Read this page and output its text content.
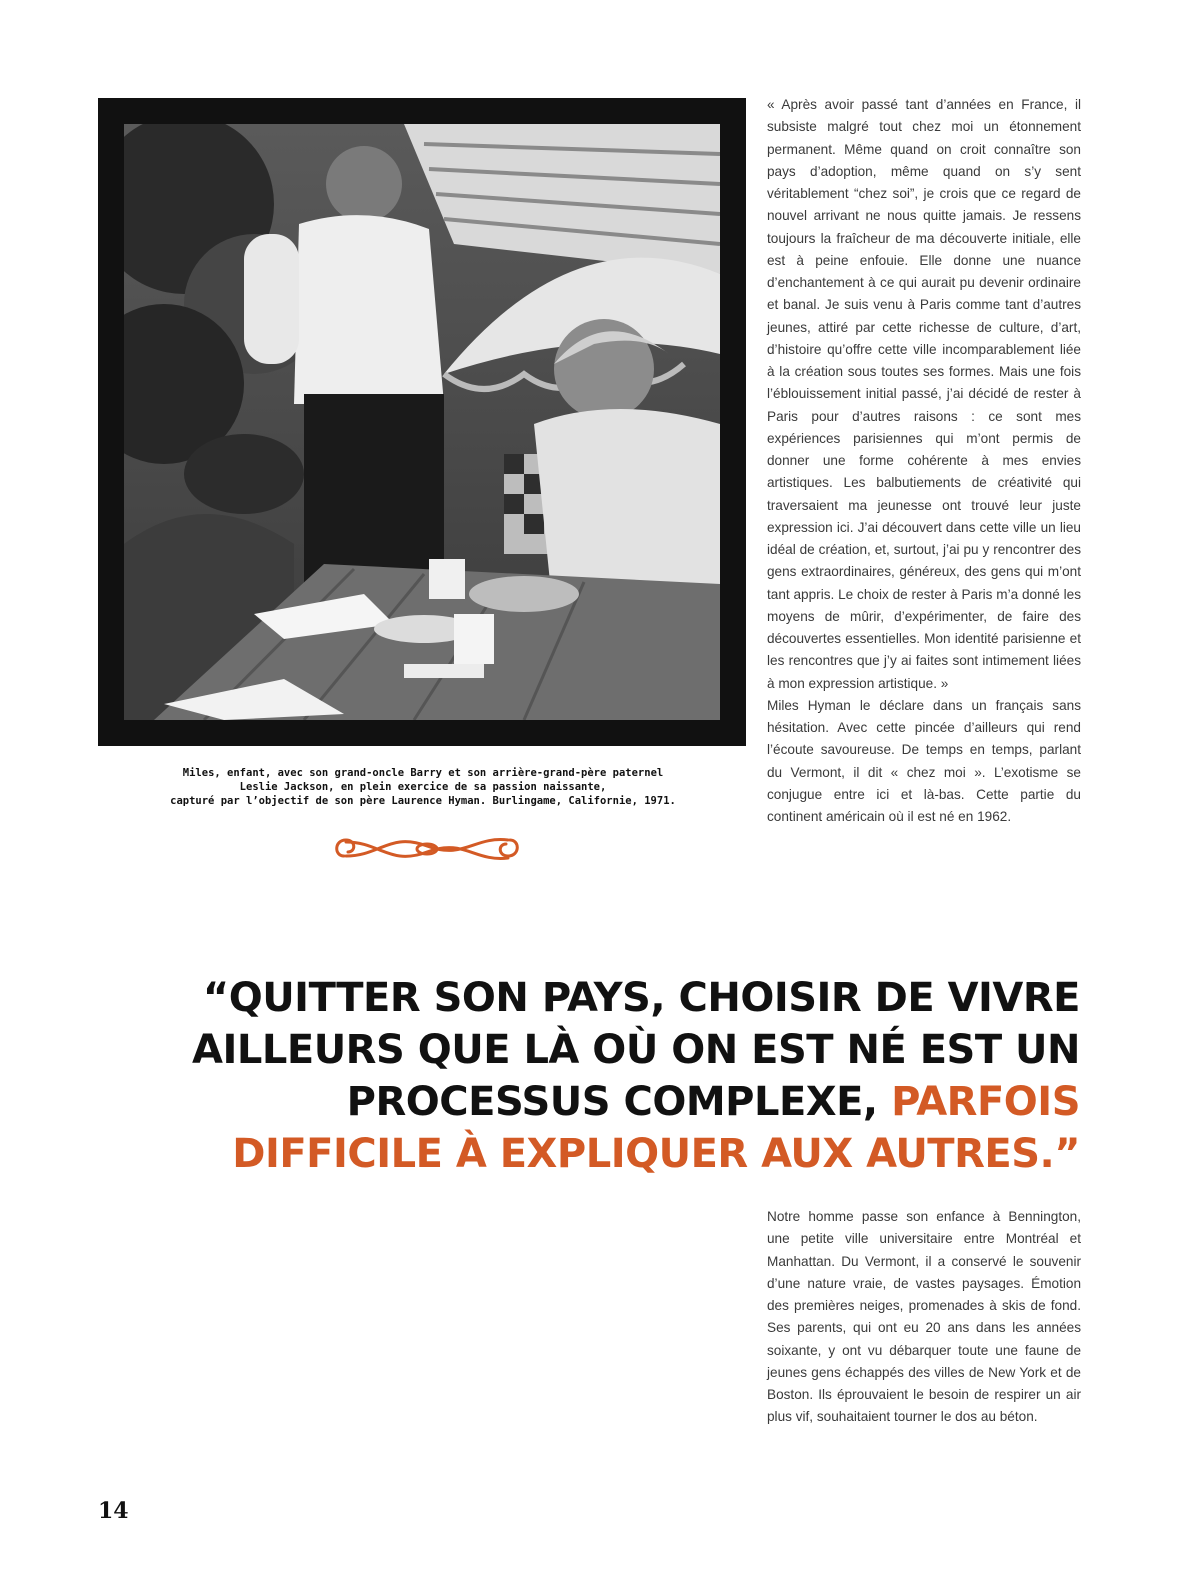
Miles, enfant, avec son grand-oncle Barry et son arrière-grand-père paternel
Leslie Jackson, en plein exercice de sa passion naissante,
capturé par l’objectif de son père Laurence Hyman. Burlingame, Californie, 1971.

« Après avoir passé tant d’années en France, il subsiste malgré tout chez moi un étonnement permanent. Même quand on croit connaître son pays d’adoption, même quand on s’y sent véritablement “chez soi”, je crois que ce regard de nouvel arrivant ne nous quitte jamais. Je ressens toujours la fraîcheur de ma découverte initiale, elle est à peine enfouie. Elle donne une nuance d’enchantement à ce qui aurait pu devenir ordinaire et banal. Je suis venu à Paris comme tant d’autres jeunes, attiré par cette richesse de culture, d’art, d’histoire qu’offre cette ville incomparablement liée à la création sous toutes ses formes. Mais une fois l’éblouissement initial passé, j’ai décidé de rester à Paris pour d’autres raisons : ce sont mes expériences parisiennes qui m’ont permis de donner une forme cohérente à mes envies artistiques. Les balbutiements de créativité qui traversaient ma jeunesse ont trouvé leur juste expression ici. J’ai découvert dans cette ville un lieu idéal de création, et, surtout, j’ai pu y rencontrer des gens extraordinaires, généreux, des gens qui m’ont tant appris. Le choix de rester à Paris m’a donné les moyens de mûrir, d’expérimenter, de faire des découvertes essentielles. Mon identité parisienne et les rencontres que j’y ai faites sont intimement liées à mon expression artistique. »

Miles Hyman le déclare dans un français sans hésitation. Avec cette pincée d’ailleurs qui rend l’écoute savoureuse. De temps en temps, parlant du Vermont, il dit « chez moi ». L’exotisme se conjugue entre ici et là-bas. Cette partie du continent américain où il est né en 1962.

“QUITTER SON PAYS, CHOISIR DE VIVRE
AILLEURS QUE LÀ OÙ ON EST NÉ EST UN
PROCESSUS COMPLEXE, PARFOIS
DIFFICILE À EXPLIQUER AUX AUTRES.”

Notre homme passe son enfance à Bennington, une petite ville universitaire entre Montréal et Manhattan. Du Vermont, il a conservé le souvenir d’une nature vraie, de vastes paysages. Émotion des premières neiges, promenades à skis de fond. Ses parents, qui ont eu 20 ans dans les années soixante, y ont vu débarquer toute une faune de jeunes gens échappés des villes de New York et de Boston. Ils éprouvaient le besoin de respirer un air plus vif, souhaitaient tourner le dos au béton.

14
